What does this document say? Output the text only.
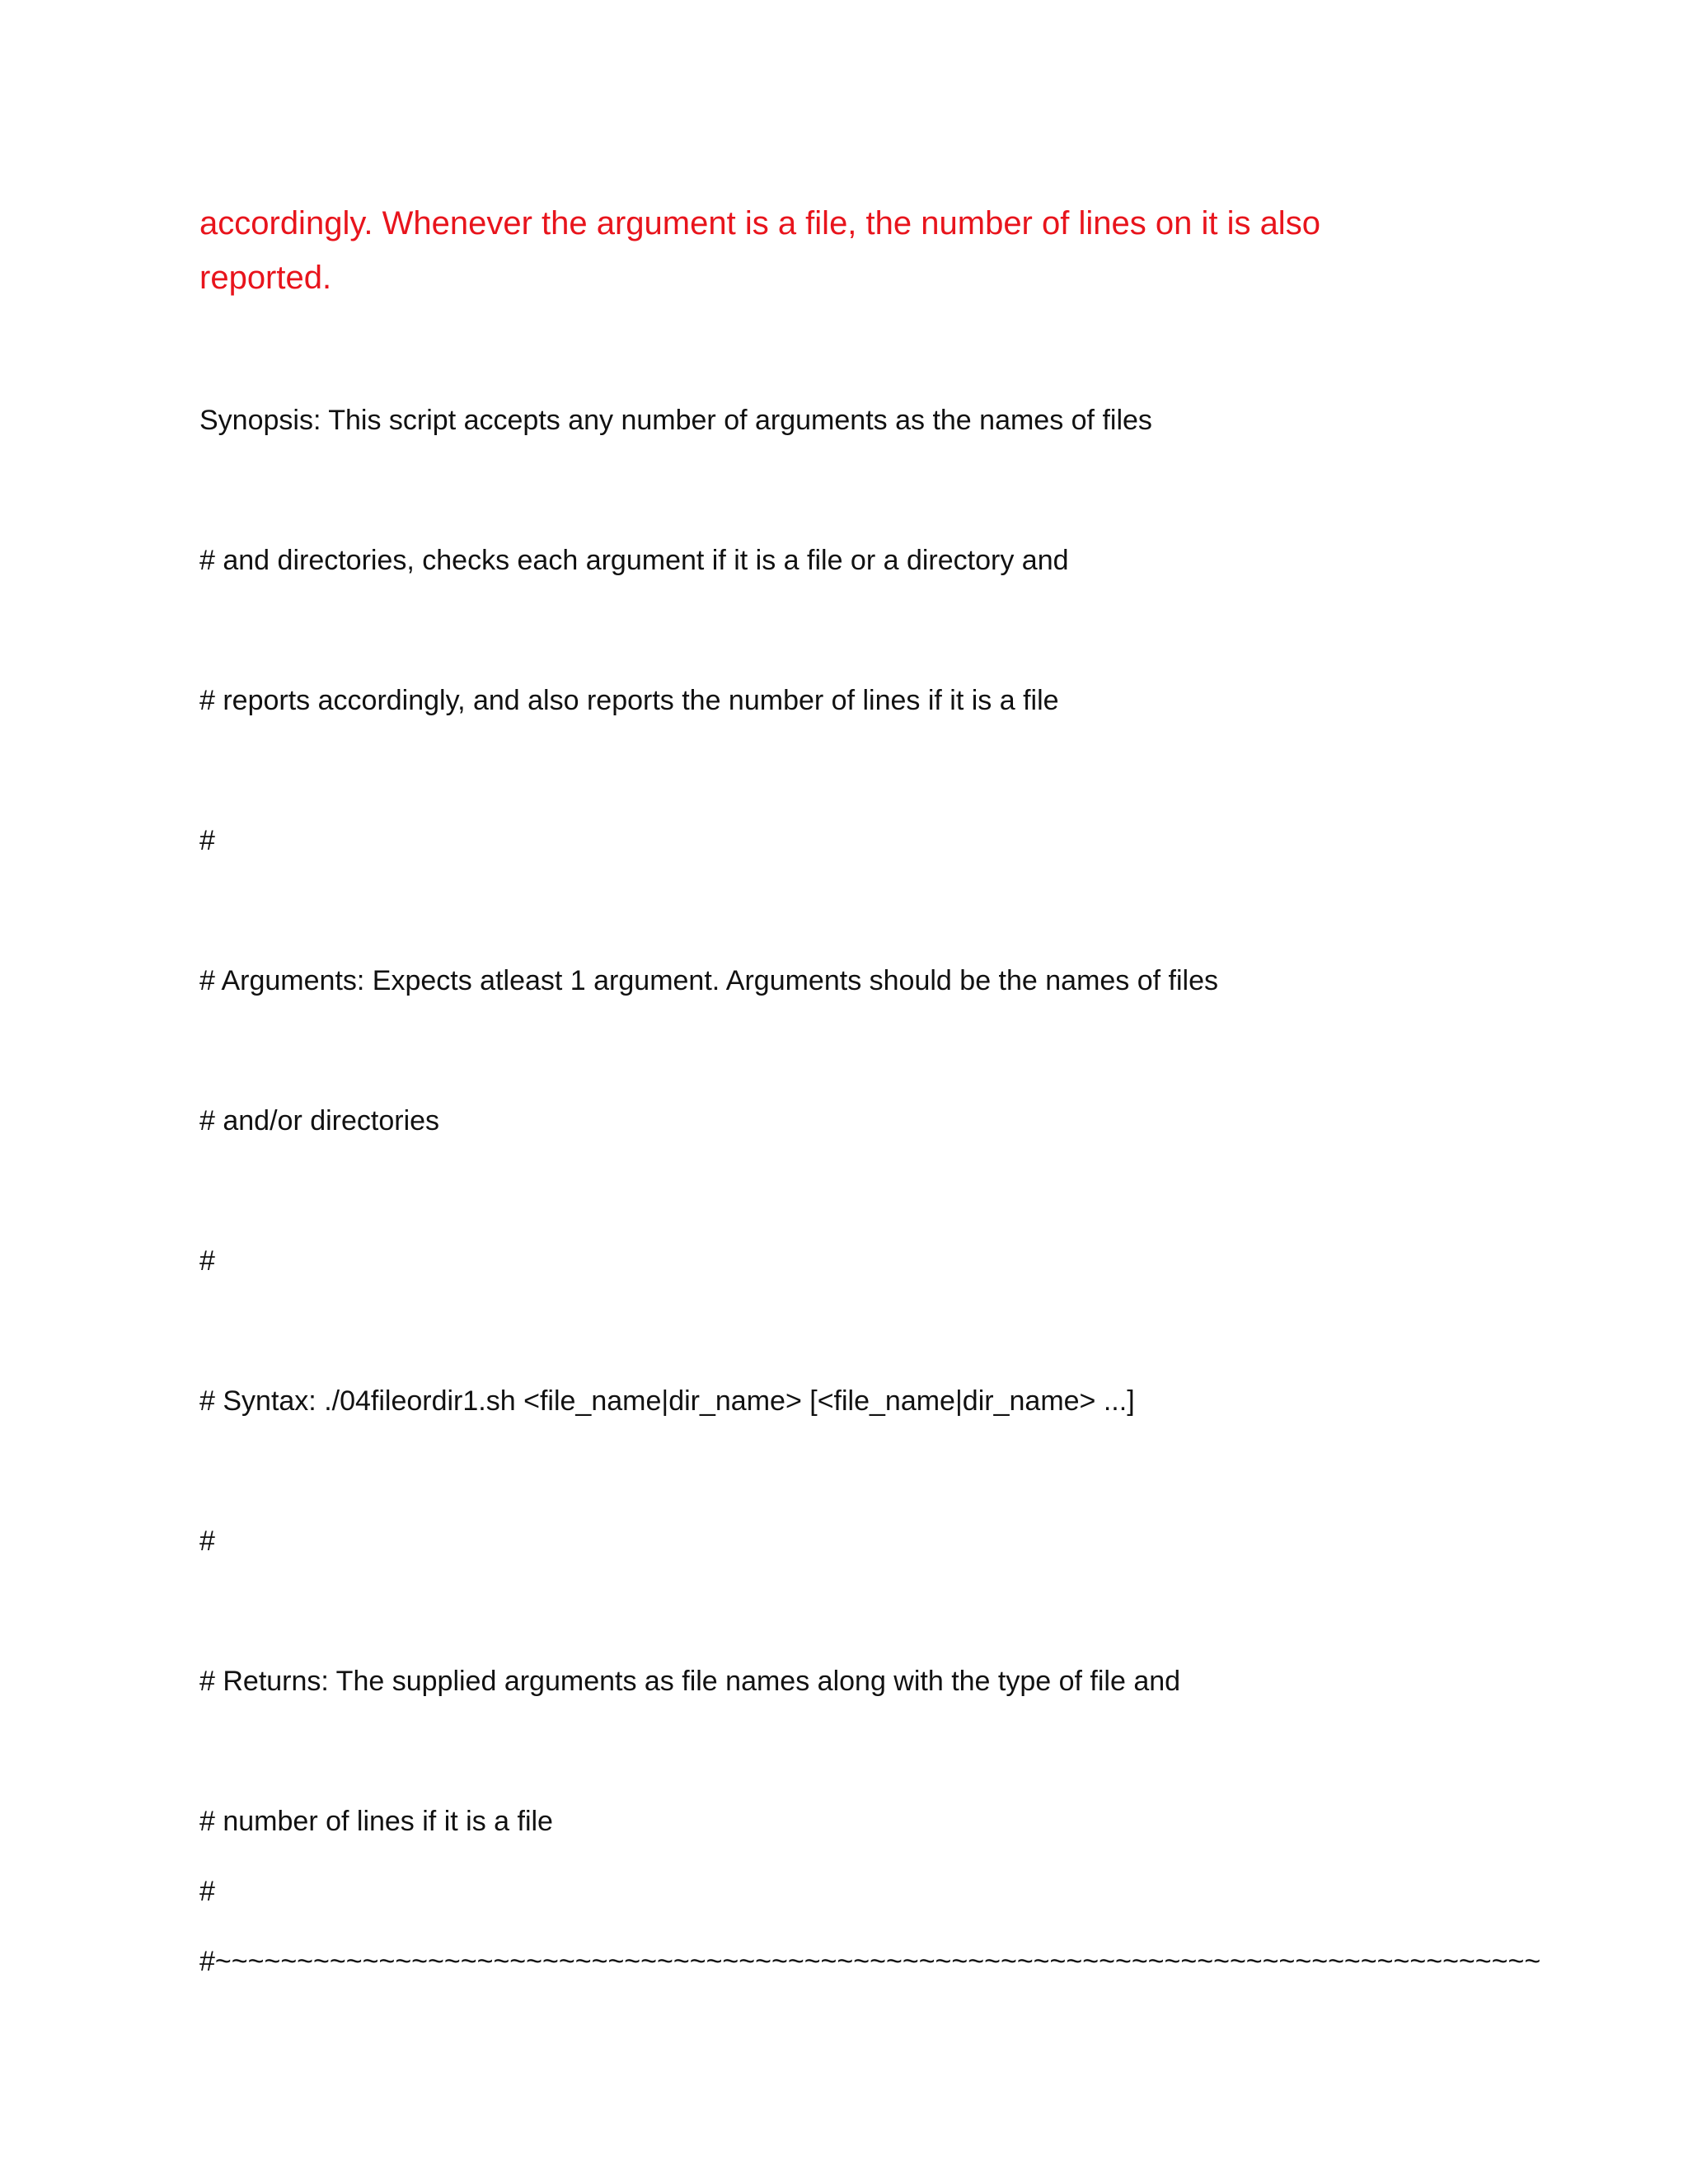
accordingly. Whenever the argument is a file, the number of lines on it is also

reported.

Synopsis: This script accepts any number of arguments as the names of files
# and directories, checks each argument if it is a file or a directory and
# reports accordingly, and also reports the number of lines if it is a file
#
# Arguments: Expects atleast 1 argument. Arguments should be the names of files
# and/or directories
#
# Syntax: ./04fileordir1.sh <file_name|dir_name> [<file_name|dir_name> ...]
#
# Returns: The supplied arguments as file names along with the type of file and
# number of lines if it is a file
#
#~~~~~~~~~~~~~~~~~~~~~~~~~~~~~~~~~~~~~~~~~~~~~~~~~~~~~~~~~~~~~~~~~~~~~~~~~~~~~~~~~
